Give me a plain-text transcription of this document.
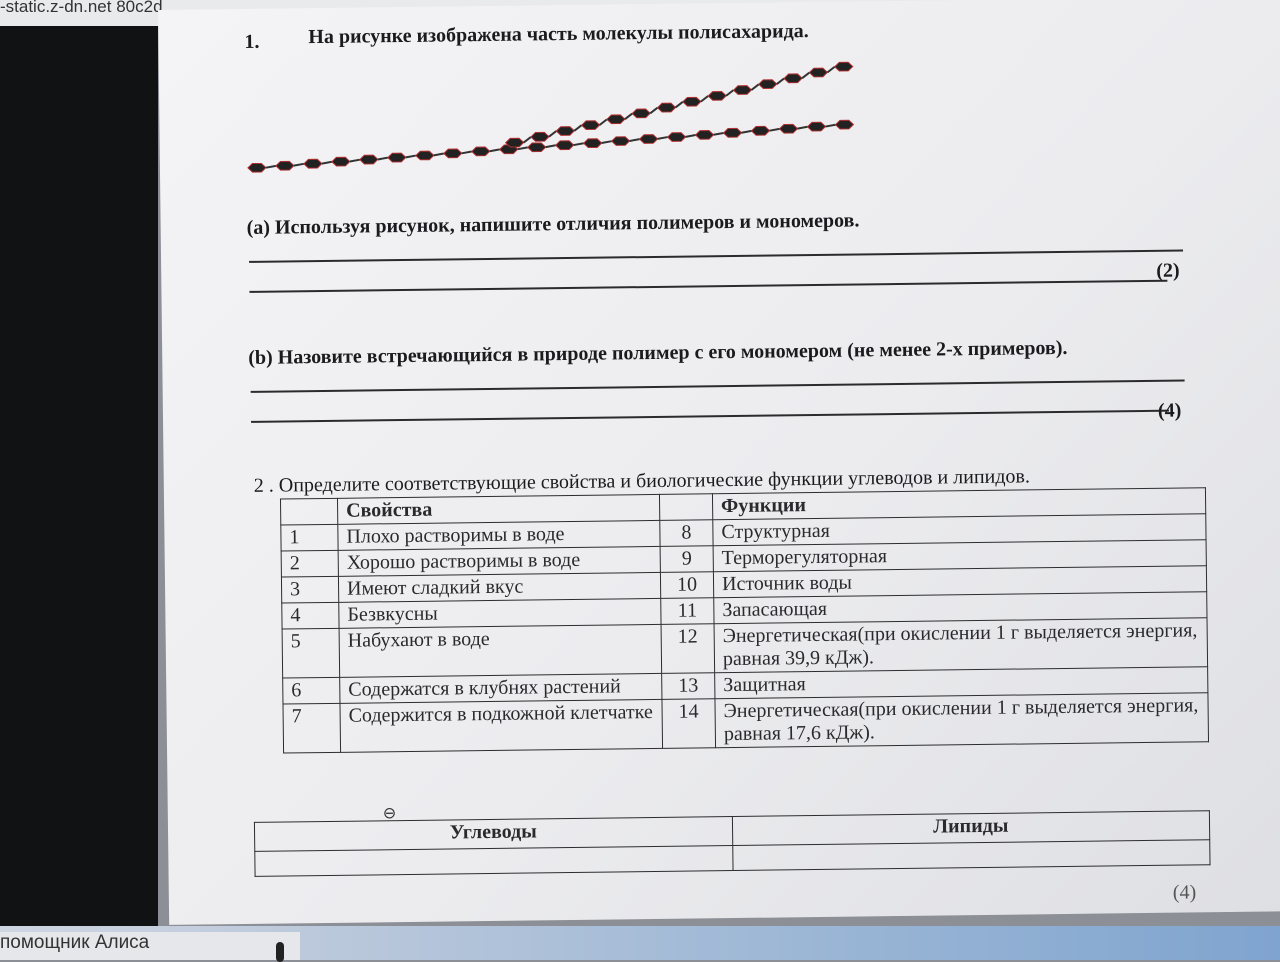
-static.z-dn.net 80c2d
1. На рисунке изображена часть молекулы полисахарида.
(a) Используя рисунок, напишите отличия полимеров и мономеров.
(2)
(b) Назовите встречающийся в природе полимер с его мономером (не менее 2-х примеров).
(4)
2 . Определите соответствующие свойства и биологические функции углеводов и липидов.
	Свойства		Функции
1	Плохо растворимы в воде	8	Структурная
2	Хорошо растворимы в воде	9	Терморегуляторная
3	Имеют сладкий вкус	10	Источник воды
4	Безвкусны	11	Запасающая
5	Набухают в воде	12	Энергетическая(при окислении 1 г выделяется энергия, равная 39,9 кДж).
6	Содержатся в клубнях растений	13	Защитная
7	Содержится в подкожной клетчатке	14	Энергетическая(при окислении 1 г выделяется энергия, равная 17,6 кДж).
⊖
Углеводы	Липиды

(4)
помощник Алиса
